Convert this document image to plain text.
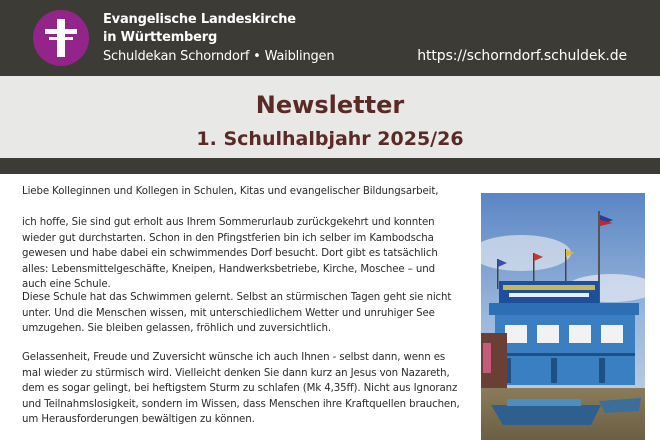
Evangelische Landeskirche
in Württemberg
Schuldekan Schorndorf • Waiblingen	https://schorndorf.schuldek.de
Newsletter
1. Schulhalbjahr 2025/26
Liebe Kolleginnen und Kollegen in Schulen, Kitas und evangelischer Bildungsarbeit,
ich hoffe, Sie sind gut erholt aus Ihrem Sommerurlaub zurückgekehrt und konnten wieder gut durchstarten. Schon in den Pfingstferien bin ich selber im Kambodscha gewesen und habe dabei ein schwimmendes Dorf besucht. Dort gibt es tatsächlich alles: Lebensmittelgeschäfte, Kneipen, Handwerksbetriebe, Kirche, Moschee – und auch eine Schule.
Diese Schule hat das Schwimmen gelernt. Selbst an stürmischen Tagen geht sie nicht unter. Und die Menschen wissen, mit unterschiedlichem Wetter und unruhiger See umzugehen. Sie bleiben gelassen, fröhlich und zuversichtlich.
Gelassenheit, Freude und Zuversicht wünsche ich auch Ihnen - selbst dann, wenn es mal wieder zu stürmisch wird. Vielleicht denken Sie dann kurz an Jesus von Nazareth, dem es sogar gelingt, bei heftigstem Sturm zu schlafen (Mk 4,35ff). Nicht aus Ignoranz und Teilnahmslosigkeit, sondern im Wissen, dass Menschen ihre Kraftquellen brauchen, um Herausforderungen bewältigen zu können.
